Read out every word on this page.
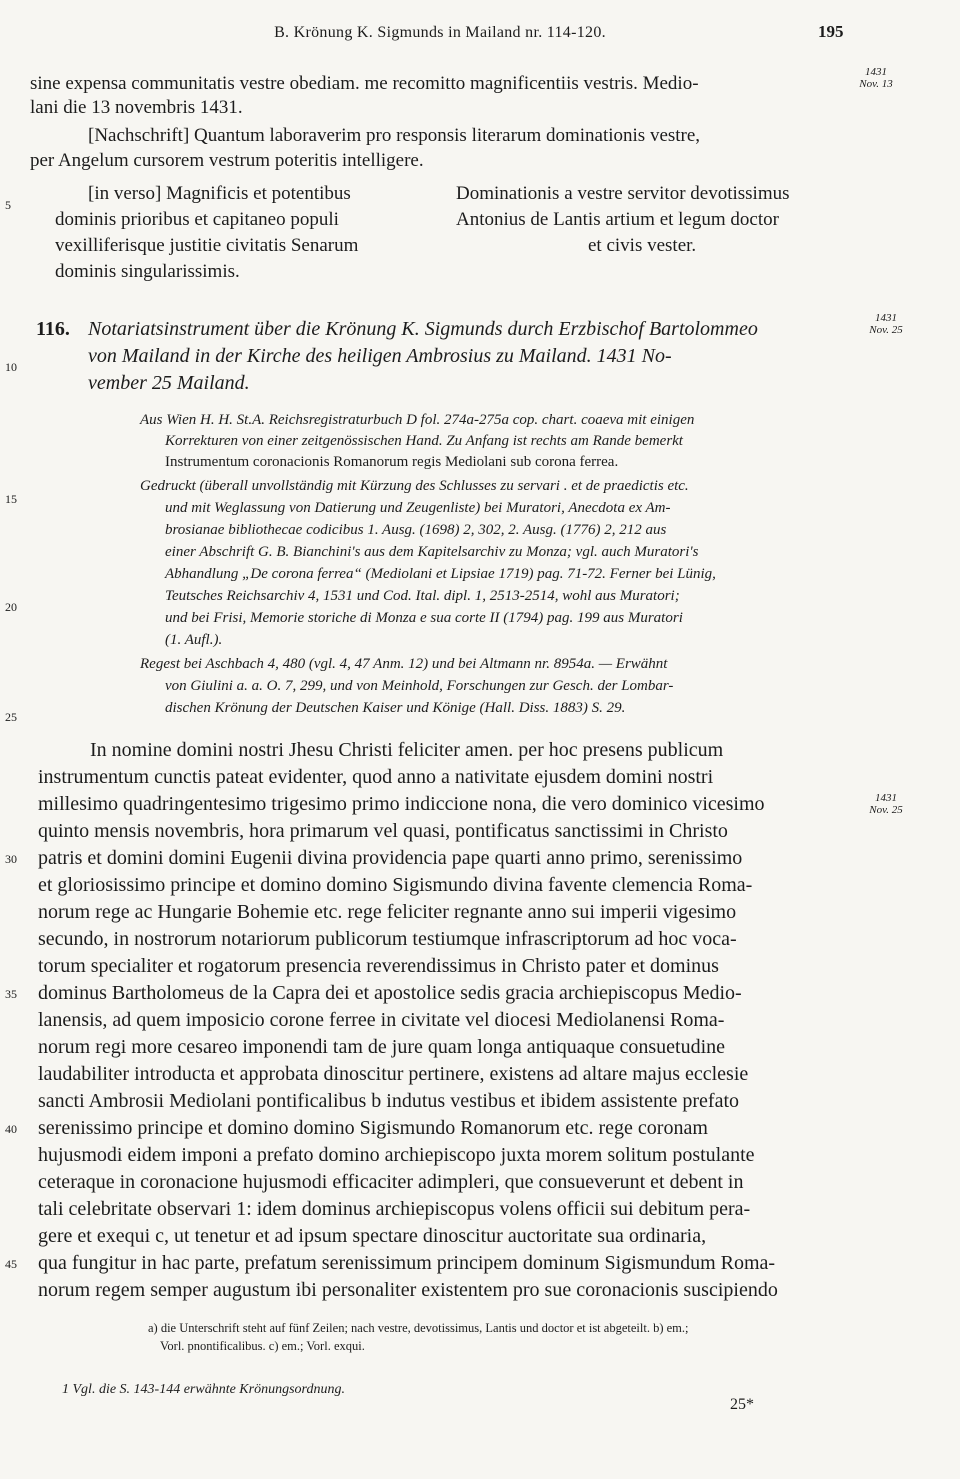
B. Krönung K. Sigmunds in Mailand nr. 114-120.	195
sine expensa communitatis vestre obediam. me recomitto magnificentiis vestris. Medio-
lani die 13 novembris 1431.
[Nachschrift] Quantum laboraverim pro responsis literarum dominationis vestre,
per Angelum cursorem vestrum poteritis intelligere.
1431
Nov. 13
[in verso] Magnificis et potentibus
dominis prioribus et capitaneo populi
vexilliferisque justitie civitatis Senarum
dominis singularissimis.
Dominationis a vestre servitor devotissimus
Antonius de Lantis artium et legum doctor
et civis vester.
5
116. Notariatsinstrument über die Krönung K. Sigmunds durch Erzbischof Bartolommeo
von Mailand in der Kirche des heiligen Ambrosius zu Mailand. 1431 No-
vember 25 Mailand.
1431
Nov. 25
10
Aus Wien H. H. St.A. Reichsregistraturbuch D fol. 274a-275a cop. chart. coaeva mit einigen
Korrekturen von einer zeitgenössischen Hand. Zu Anfang ist rechts am Rande bemerkt
Instrumentum coronacionis Romanorum regis Mediolani sub corona ferrea.
Gedruckt (überall unvollständig mit Kürzung des Schlusses zu servari . et de praedictis etc.
und mit Weglassung von Datierung und Zeugenliste) bei Muratori, Anecdota ex Am-
brosianae bibliothecae codicibus 1. Ausg. (1698) 2, 302, 2. Ausg. (1776) 2, 212 aus
einer Abschrift G. B. Bianchini's aus dem Kapitelsarchiv zu Monza; vgl. auch Muratori's
Abhandlung „De corona ferrea“ (Mediolani et Lipsiae 1719) pag. 71-72. Ferner bei Lünig,
Teutsches Reichsarchiv 4, 1531 und Cod. Ital. dipl. 1, 2513-2514, wohl aus Muratori;
und bei Frisi, Memorie storiche di Monza e sua corte II (1794) pag. 199 aus Muratori
(1. Aufl.).
Regest bei Aschbach 4, 480 (vgl. 4, 47 Anm. 12) und bei Altmann nr. 8954a. — Erwähnt
von Giulini a. a. O. 7, 299, und von Meinhold, Forschungen zur Gesch. der Lombar-
dischen Krönung der Deutschen Kaiser und Könige (Hall. Diss. 1883) S. 29.
15
20
25
In nomine domini nostri Jhesu Christi feliciter amen. per hoc presens publicum
instrumentum cunctis pateat evidenter, quod anno a nativitate ejusdem domini nostri
millesimo quadringentesimo trigesimo primo indiccione nona, die vero dominico vicesimo
quinto mensis novembris, hora primarum vel quasi, pontificatus sanctissimi in Christo
patris et domini domini Eugenii divina providencia pape quarti anno primo, serenissimo
et gloriosissimo principe et domino domino Sigismundo divina favente clemencia Roma-
norum rege ac Hungarie Bohemie etc. rege feliciter regnante anno sui imperii vigesimo
secundo, in nostrorum notariorum publicorum testiumque infrascriptorum ad hoc voca-
torum specialiter et rogatorum presencia reverendissimus in Christo pater et dominus
dominus Bartholomeus de la Capra dei et apostolice sedis gracia archiepiscopus Medio-
lanensis, ad quem imposicio corone ferree in civitate vel diocesi Mediolanensi Roma-
norum regi more cesareo imponendi tam de jure quam longa antiquaque consuetudine
laudabiliter introducta et approbata dinoscitur pertinere, existens ad altare majus ecclesie
sancti Ambrosii Mediolani pontificalibus b indutus vestibus et ibidem assistente prefato
serenissimo principe et domino domino Sigismundo Romanorum etc. rege coronam
hujusmodi eidem imponi a prefato domino archiepiscopo juxta morem solitum postulante
ceteraque in coronacione hujusmodi efficaciter adimpleri, que consueverunt et debent in
tali celebritate observari 1: idem dominus archiepiscopus volens officii sui debitum pera-
gere et exequi c, ut tenetur et ad ipsum spectare dinoscitur auctoritate sua ordinaria,
qua fungitur in hac parte, prefatum serenissimum principem dominum Sigismundum Roma-
norum regem semper augustum ibi personaliter existentem pro sue coronacionis suscipiendo
1431
Nov. 25
30
35
40
45
a) die Unterschrift steht auf fünf Zeilen; nach vestre, devotissimus, Lantis und doctor et ist abgeteilt. b) em.;
Vorl. pnontificalibus. c) em.; Vorl. exqui.
1 Vgl. die S. 143-144 erwähnte Krönungsordnung.
25*
